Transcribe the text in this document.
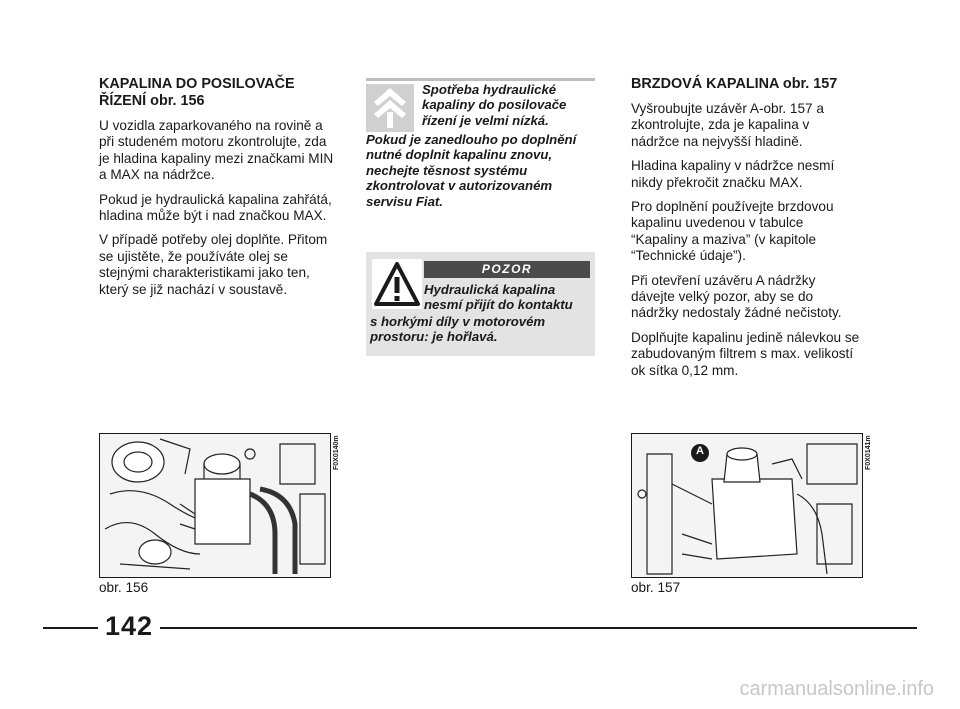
KAPALINA DO POSILOVAČE ŘÍZENÍ obr. 156

U vozidla zaparkovaného na rovině a při studeném motoru zkontrolujte, zda je hladina kapaliny mezi značkami MIN a MAX na nádržce.

Pokud je hydraulická kapalina zahřátá, hladina může být i nad značkou MAX.

V případě potřeby olej doplňte. Přitom se ujistěte, že používáte olej se stejnými charakteristikami jako ten, který se již nachází v soustavě.

Spotřeba hydraulické
kapaliny do posilovače
řízení je velmi nízká.
Pokud je zanedlouho po doplnění
nutné doplnit kapalinu znovu,
nechejte těsnost systému
zkontrolovat v autorizovaném
servisu Fiat.
POZOR
Hydraulická kapalina
nesmí přijít do kontaktu
s horkými díly v motorovém
prostoru: je hořlavá.
BRZDOVÁ KAPALINA obr. 157

Vyšroubujte uzávěr A-obr. 157 a zkontrolujte, zda je kapalina v nádržce na nejvyšší hladině.

Hladina kapaliny v nádržce nesmí nikdy překročit značku MAX.

Pro doplnění používejte brzdovou kapalinu uvedenou v tabulce “Kapaliny a maziva” (v kapitole “Technické údaje”).

Při otevření uzávěru A nádržky dávejte velký pozor, aby se do nádržky nedostaly žádné nečistoty.

Doplňujte kapalinu jedině nálevkou se zabudovaným filtrem s max. velikostí ok sítka 0,12 mm.

F0X0140m
obr. 156
A	F0X0141m
obr. 157
142
carmanualsonline.info
